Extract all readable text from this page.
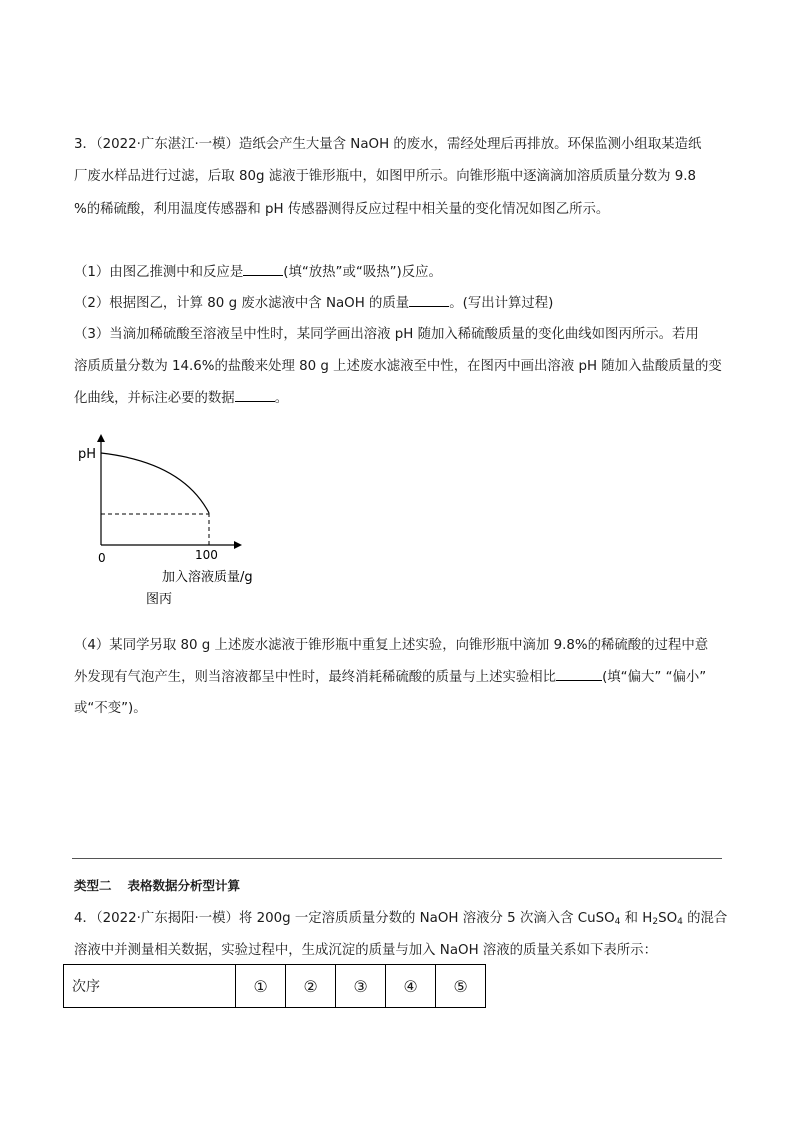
3．（2022·广东湛江·一模）造纸会产生大量含 NaOH 的废水，需经处理后再排放。环保监测小组取某造纸
厂废水样品进行过滤，后取 80g 滤液于锥形瓶中，如图甲所示。向锥形瓶中逐滴滴加溶质质量分数为 9.8
%的稀硫酸，利用温度传感器和 pH 传感器测得反应过程中相关量的变化情况如图乙所示。
（1）由图乙推测中和反应是	(填“放热”或“吸热”)反应。
（2）根据图乙，计算 80 g 废水滤液中含 NaOH 的质量	。(写出计算过程)
（3）当滴加稀硫酸至溶液呈中性时，某同学画出溶液 pH 随加入稀硫酸质量的变化曲线如图丙所示。若用
溶质质量分数为 14.6%的盐酸来处理 80 g 上述废水滤液至中性，在图丙中画出溶液 pH 随加入盐酸质量的变
化曲线，并标注必要的数据	。
pH
0	100
加入溶液质量/g
图丙
（4）某同学另取 80 g 上述废水滤液于锥形瓶中重复上述实验，向锥形瓶中滴加 9.8%的稀硫酸的过程中意
外发现有气泡产生，则当溶液都呈中性时，最终消耗稀硫酸的质量与上述实验相比	(填“偏大” “偏小”
或“不变”)。
类型二 表格数据分析型计算
4．（2022·广东揭阳·一模）将 200g 一定溶质质量分数的 NaOH 溶液分 5 次滴入含 CuSO$_4$ 和 $H_2SO_4$ 的混合
溶液中并测量相关数据，实验过程中，生成沉淀的质量与加入 NaOH 溶液的质量关系如下表所示：
次序	①	②	③	④	⑤
